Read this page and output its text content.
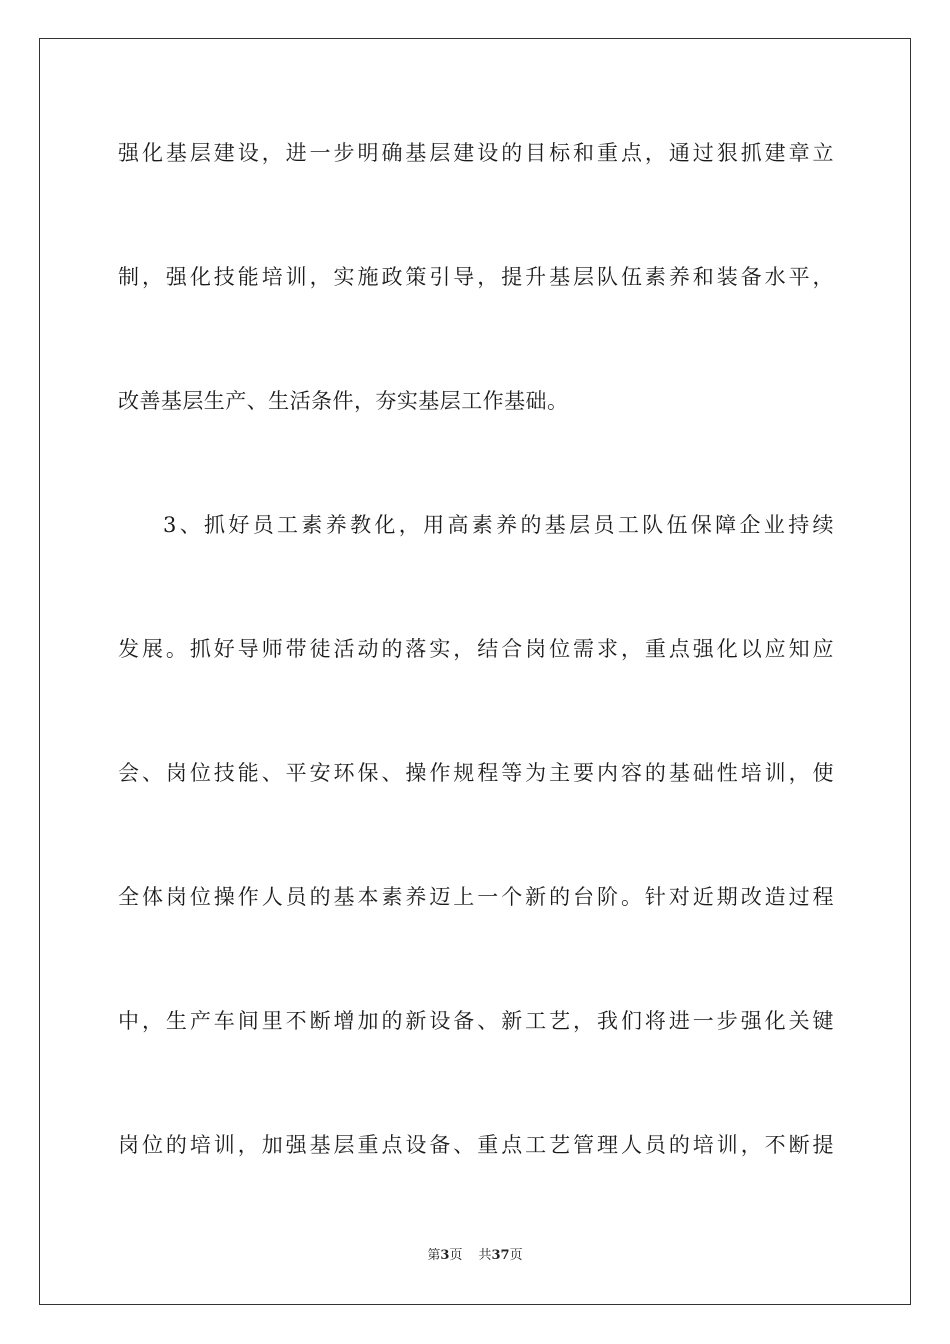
强化基层建设，进一步明确基层建设的目标和重点，通过狠抓建章立
制，强化技能培训，实施政策引导，提升基层队伍素养和装备水平，
改善基层生产、生活条件，夯实基层工作基础。
3、抓好员工素养教化，用高素养的基层员工队伍保障企业持续
发展。抓好导师带徒活动的落实，结合岗位需求，重点强化以应知应
会、岗位技能、平安环保、操作规程等为主要内容的基础性培训，使
全体岗位操作人员的基本素养迈上一个新的台阶。针对近期改造过程
中，生产车间里不断增加的新设备、新工艺，我们将进一步强化关键
岗位的培训，加强基层重点设备、重点工艺管理人员的培训，不断提
第3页 共37页
